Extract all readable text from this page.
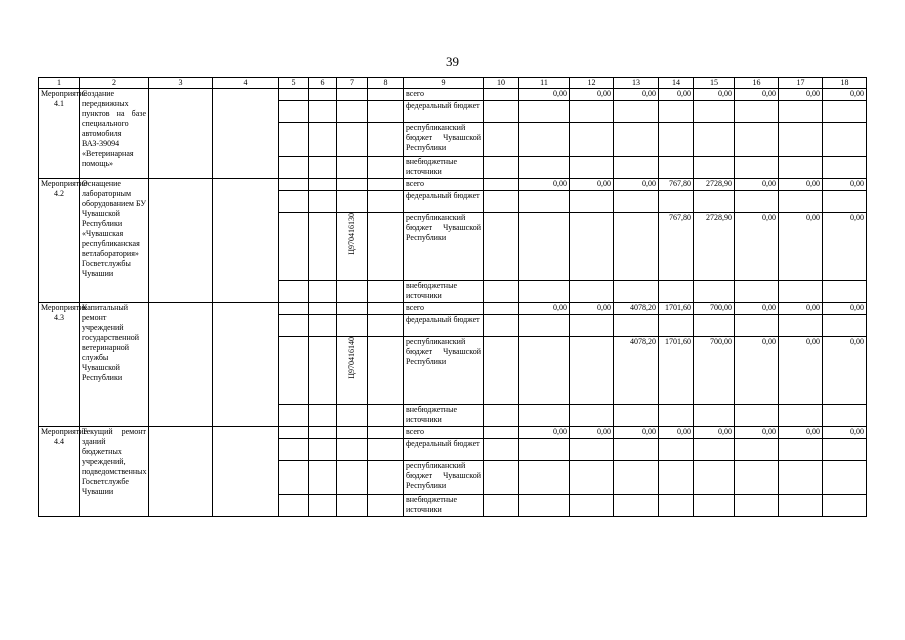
39
1	2	3	4	5	6	7	8	9	10	11	12	13	14	15	16	17	18
Мероприятие 4.1	Создание передвижных пунктов на базе специального автомобиля ВАЗ-39094 «Ветеринарная помощь»							всего		0,00	0,00	0,00	0,00	0,00	0,00	0,00	0,00
								федеральный бюджет									
								республиканский бюджет Чувашской Республики									
								внебюджетные источники									
Мероприятие 4.2	Оснащение лабораторным оборудованием БУ Чувашской Республики «Чувашская республиканская ветлаборатория» Госветслужбы Чувашии							всего		0,00	0,00	0,00	767,80	2728,90	0,00	0,00	0,00
								федеральный бюджет									
						Ц970416130		республиканский бюджет Чувашской Республики					767,80	2728,90	0,00	0,00	0,00
								внебюджетные источники									
Мероприятие 4.3	Капитальный ремонт учреждений государственной ветеринарной службы Чувашской Республики							всего		0,00	0,00	4078,20	1701,60	700,00	0,00	0,00	0,00
								федеральный бюджет									
						Ц970416140		республиканский бюджет Чувашской Республики				4078,20	1701,60	700,00	0,00	0,00	0,00
								внебюджетные источники									
Мероприятие 4.4	Текущий ремонт зданий бюджетных учреждений, подведомственных Госветслужбе Чувашии							всего		0,00	0,00	0,00	0,00	0,00	0,00	0,00	0,00
								федеральный бюджет									
								республиканский бюджет Чувашской Республики									
								внебюджетные источники									
